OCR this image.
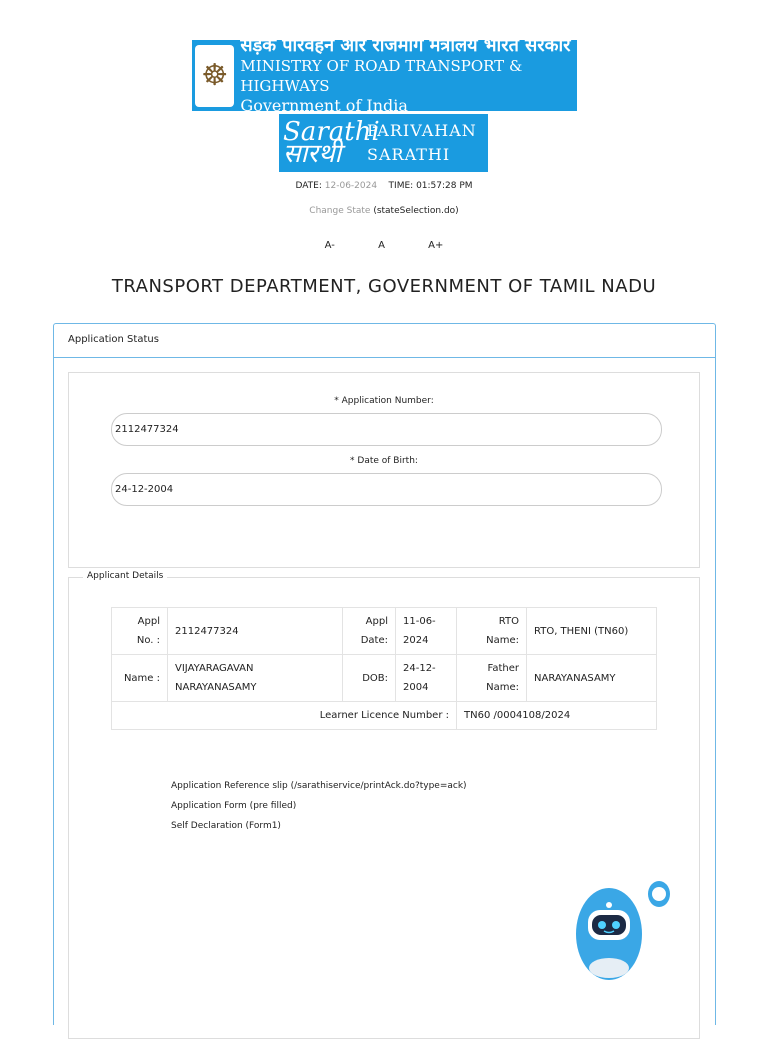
☸
सड़क परिवहन और राजमार्ग मंत्रालय भारत सरकार
MINISTRY OF ROAD TRANSPORT & HIGHWAYS
Government of India
Sarathi सारथी
PARIVAHAN
SARATHI
DATE: 12-06-2024 TIME: 01:57:28 PM
Change State (stateSelection.do)
A-	A	A+
TRANSPORT DEPARTMENT, GOVERNMENT OF TAMIL NADU
Application Status
* Application Number:
2112477324
* Date of Birth:
24-12-2004
Applicant Details
Appl No. :	2112477324	Appl Date:	11-06-2024	RTO Name:	RTO, THENI (TN60)
Name :	VIJAYARAGAVAN NARAYANASAMY	DOB:	24-12-2004	Father Name:	NARAYANASAMY
Learner Licence Number :				TN60 /0004108/2024	
Application Reference slip (/sarathiservice/printAck.do?type=ack)
Application Form (pre filled)
Self Declaration (Form1)
